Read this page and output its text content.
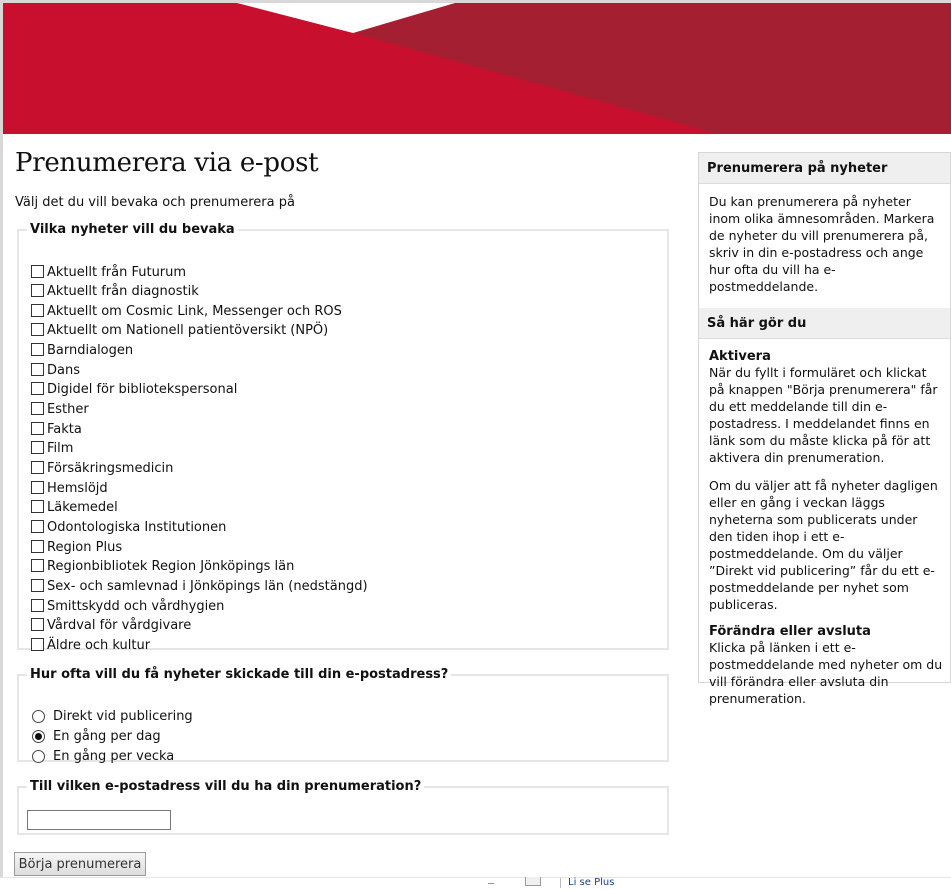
Prenumerera via e-post

Välj det du vill bevaka och prenumerera på

Vilka nyheter vill du bevaka
Aktuellt från Futurum
Aktuellt från diagnostik
Aktuellt om Cosmic Link, Messenger och ROS
Aktuellt om Nationell patientöversikt (NPÖ)
Barndialogen
Dans
Digidel för bibliotekspersonal
Esther
Fakta
Film
Försäkringsmedicin
Hemslöjd
Läkemedel
Odontologiska Institutionen
Region Plus
Regionbibliotek Region Jönköpings län
Sex- och samlevnad i Jönköpings län (nedstängd)
Smittskydd och vårdhygien
Vårdval för vårdgivare
Äldre och kultur
Hur ofta vill du få nyheter skickade till din e-postadress?
Direkt vid publicering
En gång per dag
En gång per vecka
Till vilken e-postadress vill du ha din prenumeration?
Börja prenumerera
Prenumerera på nyheter
Du kan prenumerera på nyheter inom olika ämnesområden. Markera de nyheter du vill prenumerera på, skriv in din e-postadress och ange hur ofta du vill ha e-postmeddelande.
Så här gör du
Aktivera
När du fyllt i formuläret och klickat på knappen "Börja prenumerera" får du ett meddelande till din e-postadress. I meddelandet finns en länk som du måste klicka på för att aktivera din prenumeration.
Om du väljer att få nyheter dagligen eller en gång i veckan läggs nyheterna som publicerats under den tiden ihop i ett e-postmeddelande. Om du väljer ”Direkt vid publicering” får du ett e-postmeddelande per nyhet som publiceras.
Förändra eller avsluta
Klicka på länken i ett e-postmeddelande med nyheter om du vill förändra eller avsluta din prenumeration.
Li se Plus
